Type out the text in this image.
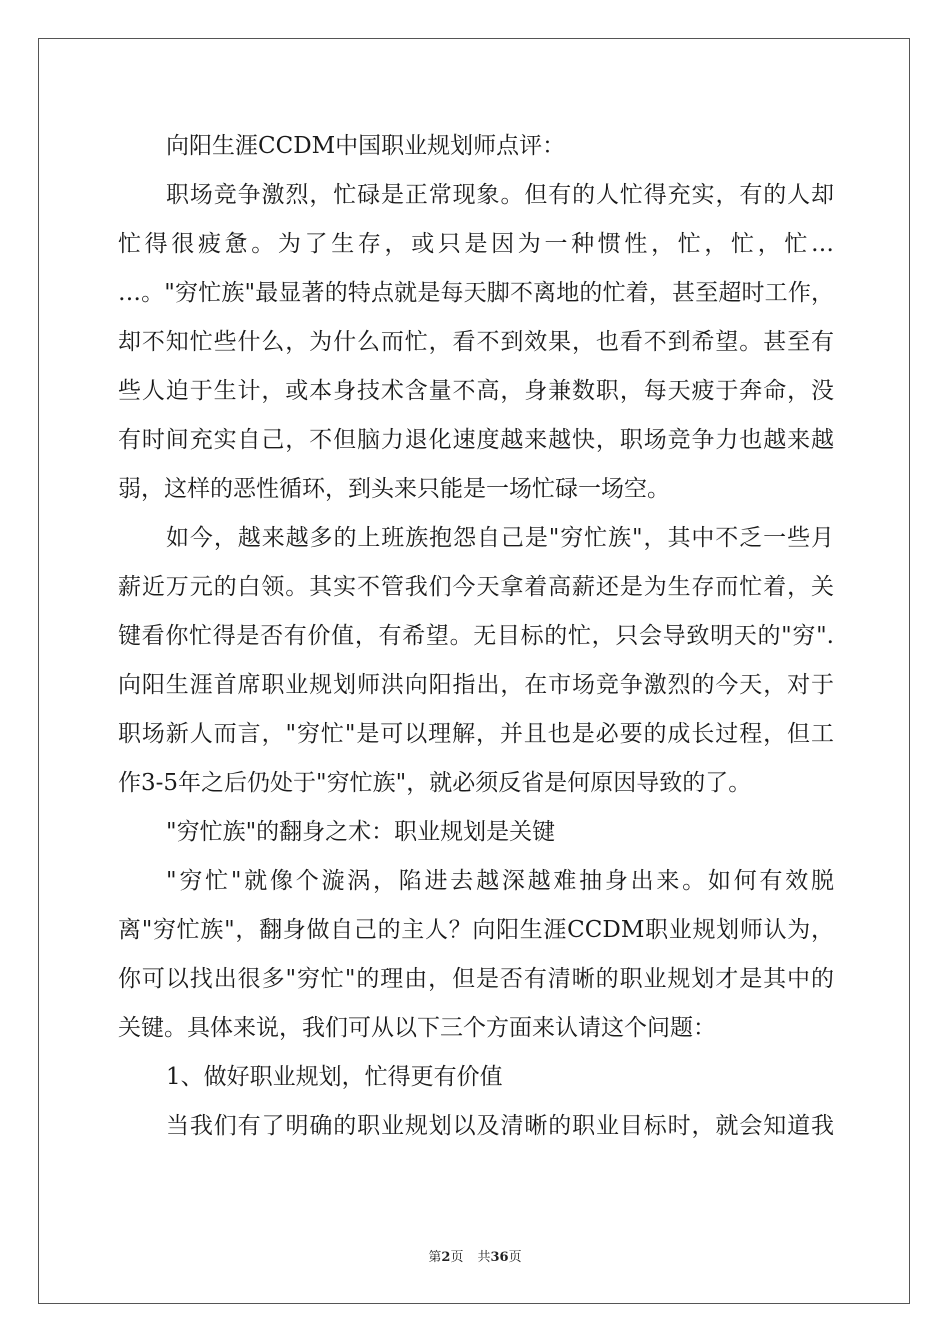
向阳生涯CCDM中国职业规划师点评：
职场竞争激烈，忙碌是正常现象。但有的人忙得充实，有的人却
忙得很疲惫。为了生存，或只是因为一种惯性，忙，忙，忙…
…。"穷忙族"最显著的特点就是每天脚不离地的忙着，甚至超时工作，
却不知忙些什么，为什么而忙，看不到效果，也看不到希望。甚至有
些人迫于生计，或本身技术含量不高，身兼数职，每天疲于奔命，没
有时间充实自己，不但脑力退化速度越来越快，职场竞争力也越来越
弱，这样的恶性循环，到头来只能是一场忙碌一场空。
如今，越来越多的上班族抱怨自己是"穷忙族"，其中不乏一些月
薪近万元的白领。其实不管我们今天拿着高薪还是为生存而忙着，关
键看你忙得是否有价值，有希望。无目标的忙，只会导致明天的"穷".
向阳生涯首席职业规划师洪向阳指出，在市场竞争激烈的今天，对于
职场新人而言，"穷忙"是可以理解，并且也是必要的成长过程，但工
作3-5年之后仍处于"穷忙族"，就必须反省是何原因导致的了。
"穷忙族"的翻身之术：职业规划是关键
"穷忙"就像个漩涡，陷进去越深越难抽身出来。如何有效脱
离"穷忙族"，翻身做自己的主人？向阳生涯CCDM职业规划师认为，
你可以找出很多"穷忙"的理由，但是否有清晰的职业规划才是其中的
关键。具体来说，我们可从以下三个方面来认请这个问题：
1、做好职业规划，忙得更有价值
当我们有了明确的职业规划以及清晰的职业目标时，就会知道我
第2页 共36页
